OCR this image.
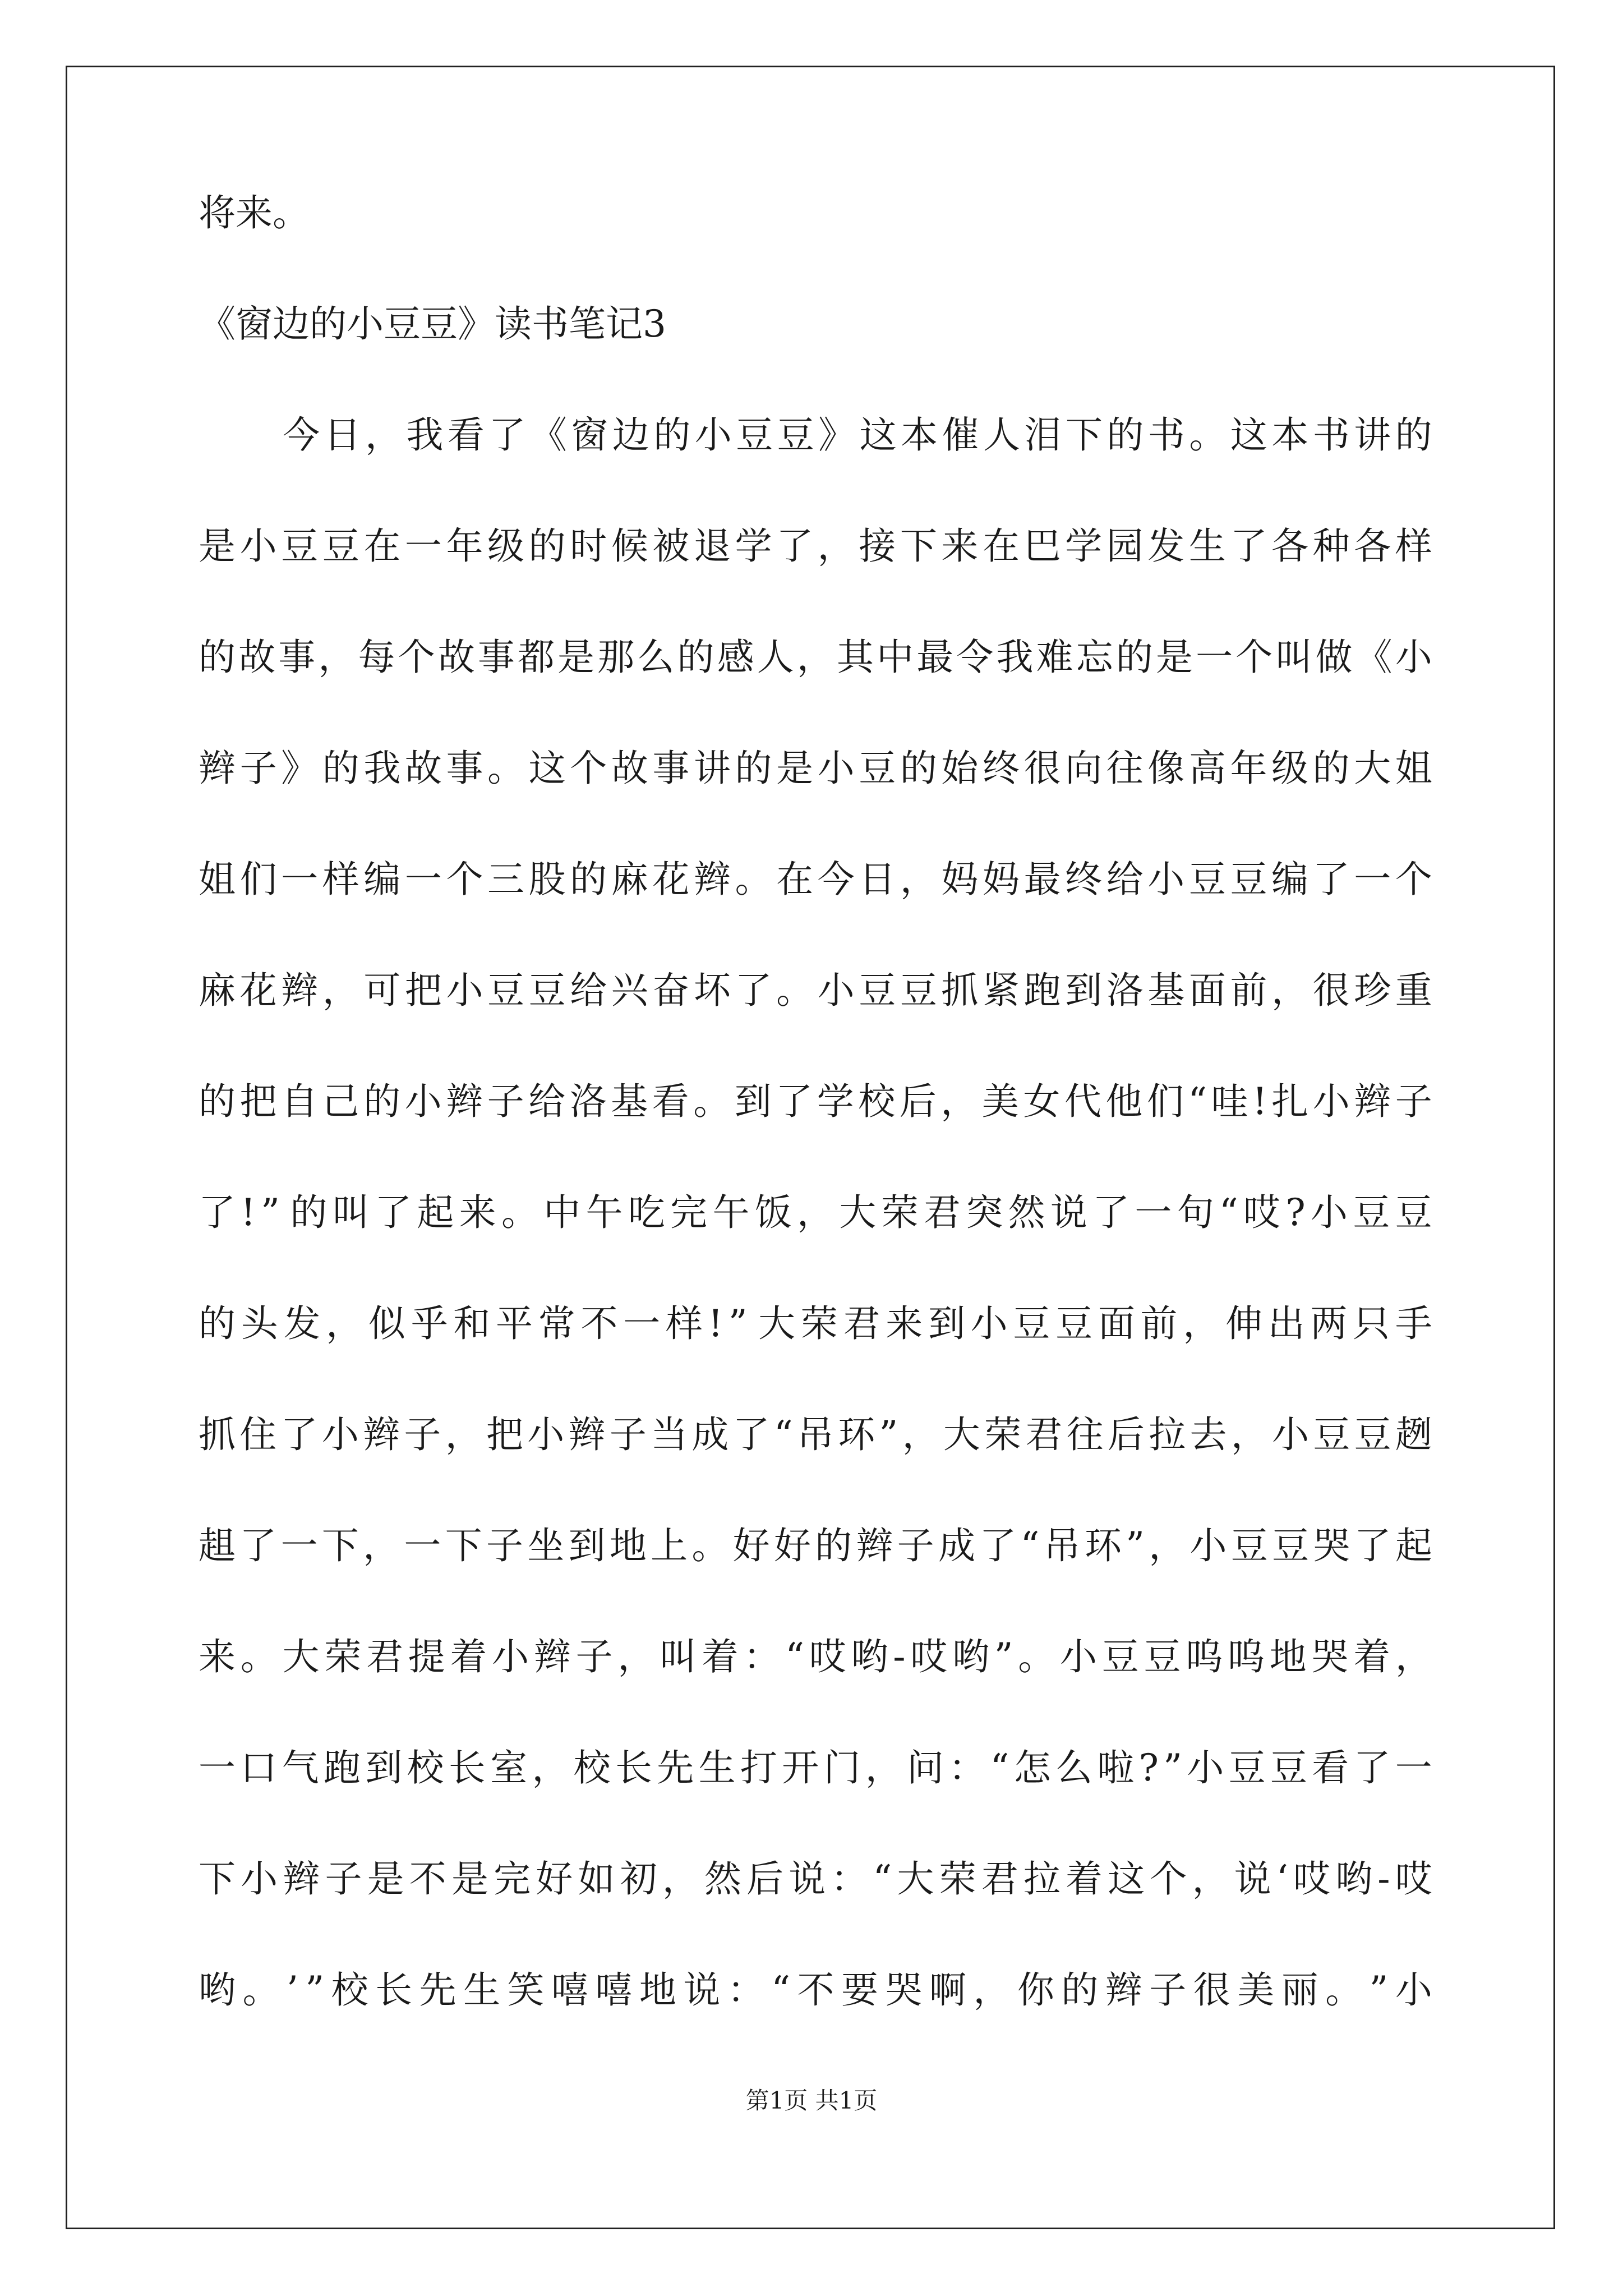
将来。
《窗边的小豆豆》读书笔记3
今 日 ， 我 看 了 《 窗 边 的 小 豆 豆 》 这 本 催 人 泪 下 的 书 。 这 本 书 讲 的
是 小 豆 豆 在 一 年 级 的 时 候 被 退 学 了 ， 接 下 来 在 巴 学 园 发 生 了 各 种 各 样
的 故 事 ， 每 个 故 事 都 是 那 么 的 感 人 ， 其 中 最 令 我 难 忘 的 是 一 个 叫 做 《 小
辫 子 》 的 我 故 事 。 这 个 故 事 讲 的 是 小 豆 的 始 终 很 向 往 像 高 年 级 的 大 姐
姐 们 一 样 编 一 个 三 股 的 麻 花 辫 。 在 今 日 ， 妈 妈 最 终 给 小 豆 豆 编 了 一 个
麻 花 辫 ， 可 把 小 豆 豆 给 兴 奋 坏 了 。 小 豆 豆 抓 紧 跑 到 洛 基 面 前 ， 很 珍 重
的 把 自 己 的 小 辫 子 给 洛 基 看 。 到 了 学 校 后 ， 美 女 代 他 们 “ 哇 ! 扎 小 辫 子
了 ! ” 的 叫 了 起 来 。 中 午 吃 完 午 饭 ， 大 荣 君 突 然 说 了 一 句 “ 哎 ? 小 豆 豆
的 头 发 ， 似 乎 和 平 常 不 一 样 ! ” 大 荣 君 来 到 小 豆 豆 面 前 ， 伸 出 两 只 手
抓 住 了 小 辫 子 ， 把 小 辫 子 当 成 了 “ 吊 环 ” ， 大 荣 君 往 后 拉 去 ， 小 豆 豆 趔
趄 了 一 下 ， 一 下 子 坐 到 地 上 。 好 好 的 辫 子 成 了 “ 吊 环 ” ， 小 豆 豆 哭 了 起
来 。 大 荣 君 提 着 小 辫 子 ， 叫 着 ： “ 哎 哟 - 哎 哟 ” 。 小 豆 豆 呜 呜 地 哭 着 ，
一 口 气 跑 到 校 长 室 ， 校 长 先 生 打 开 门 ， 问 ： “ 怎 么 啦 ? ” 小 豆 豆 看 了 一
下 小 辫 子 是 不 是 完 好 如 初 ， 然 后 说 ： “ 大 荣 君 拉 着 这 个 ， 说 ‘ 哎 哟 - 哎
哟 。 ’ ” 校 长 先 生 笑 嘻 嘻 地 说 ： “ 不 要 哭 啊 ， 你 的 辫 子 很 美 丽 。 ” 小
第1页 共1页
